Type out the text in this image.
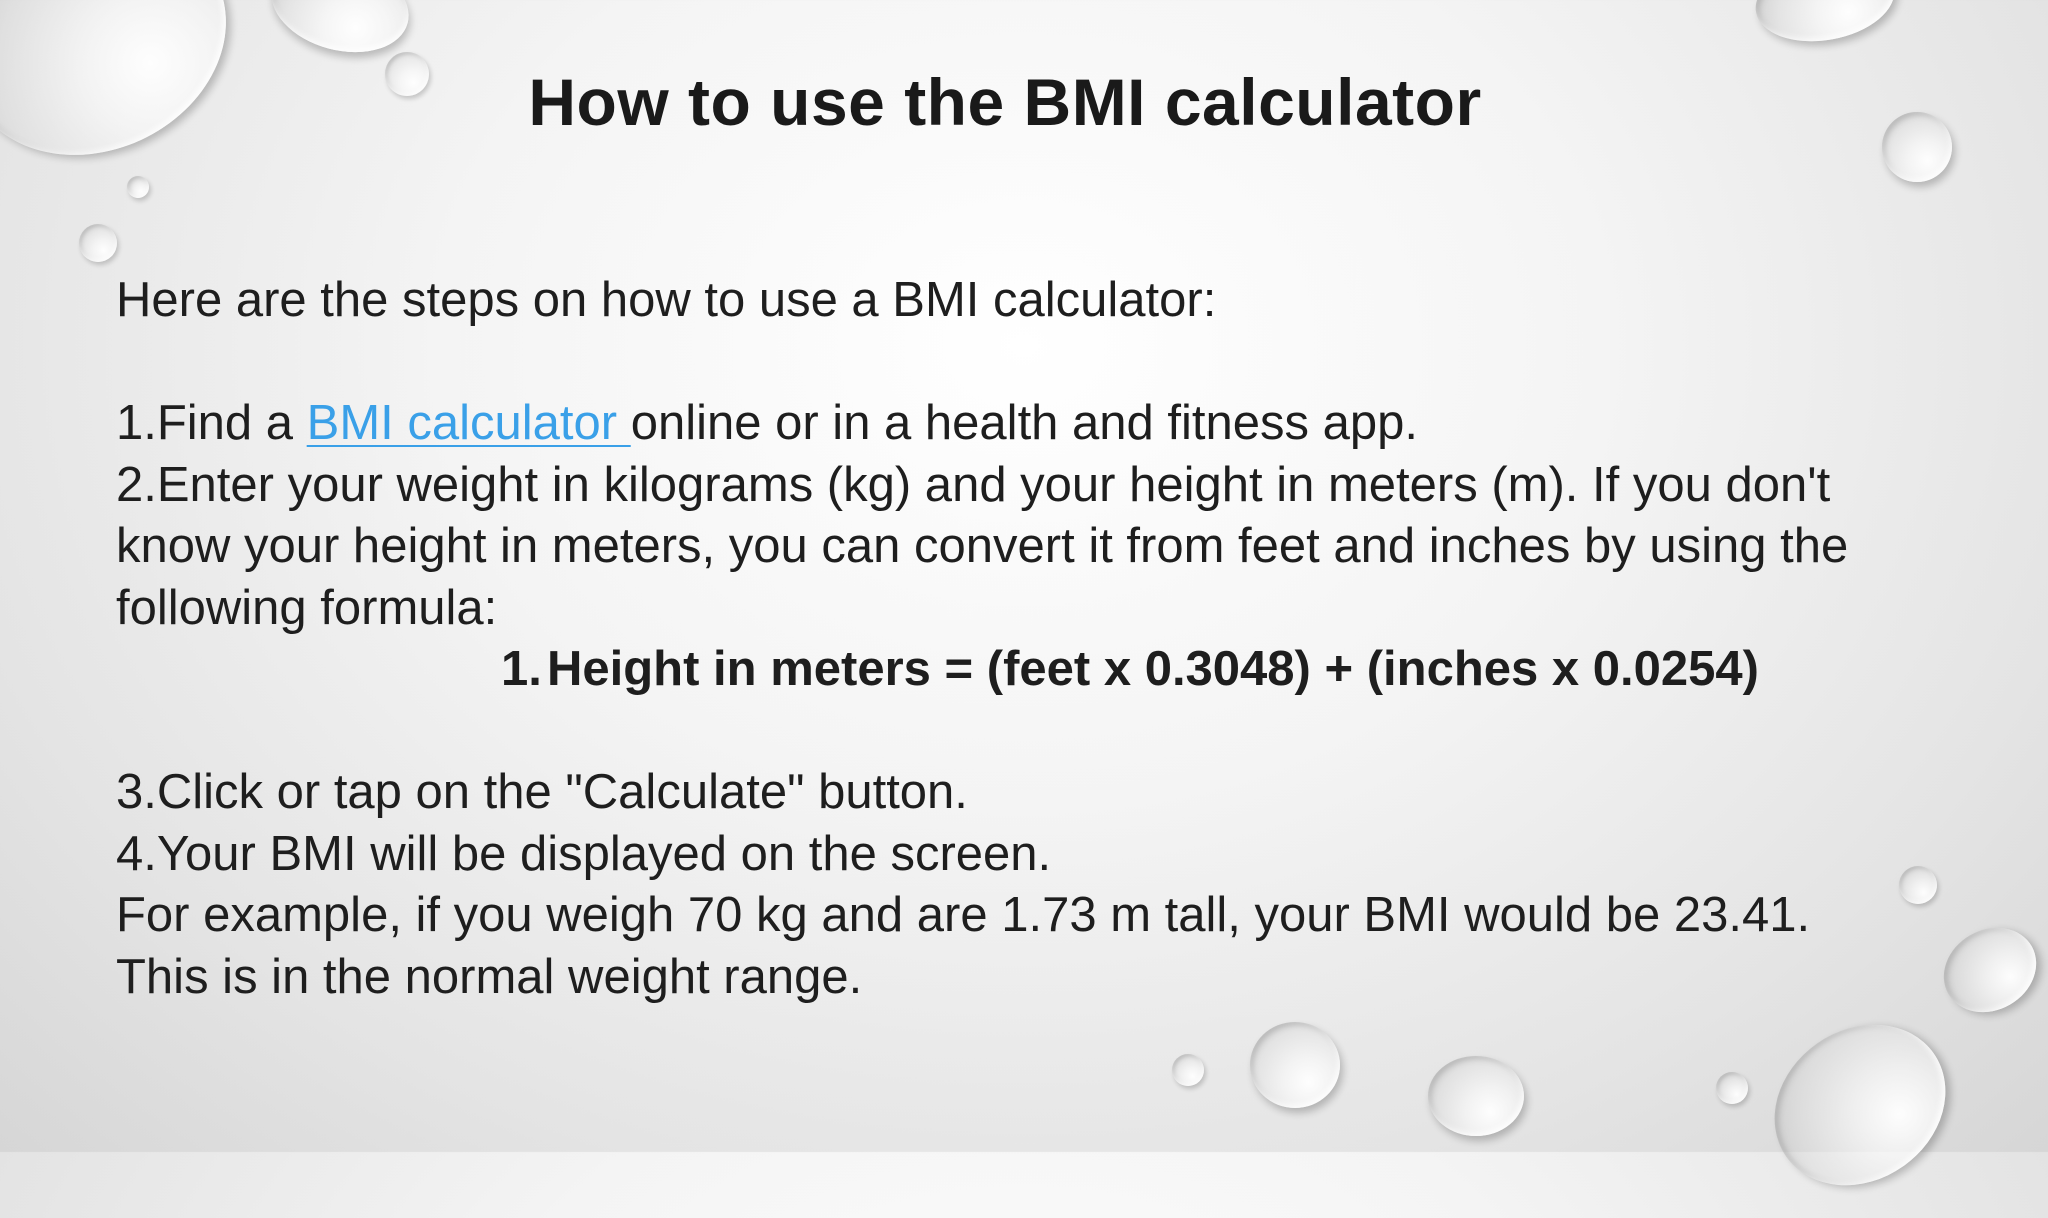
How to use the BMI calculator
Here are the steps on how to use a BMI calculator:
1.Find a BMI calculator online or in a health and fitness app.
2.Enter your weight in kilograms (kg) and your height in meters (m). If you don't
know your height in meters, you can convert it from feet and inches by using the
following formula:
1. Height in meters = (feet x 0.3048) + (inches x 0.0254)
3.Click or tap on the "Calculate" button.
4.Your BMI will be displayed on the screen.
For example, if you weigh 70 kg and are 1.73 m tall, your BMI would be 23.41.
This is in the normal weight range.
